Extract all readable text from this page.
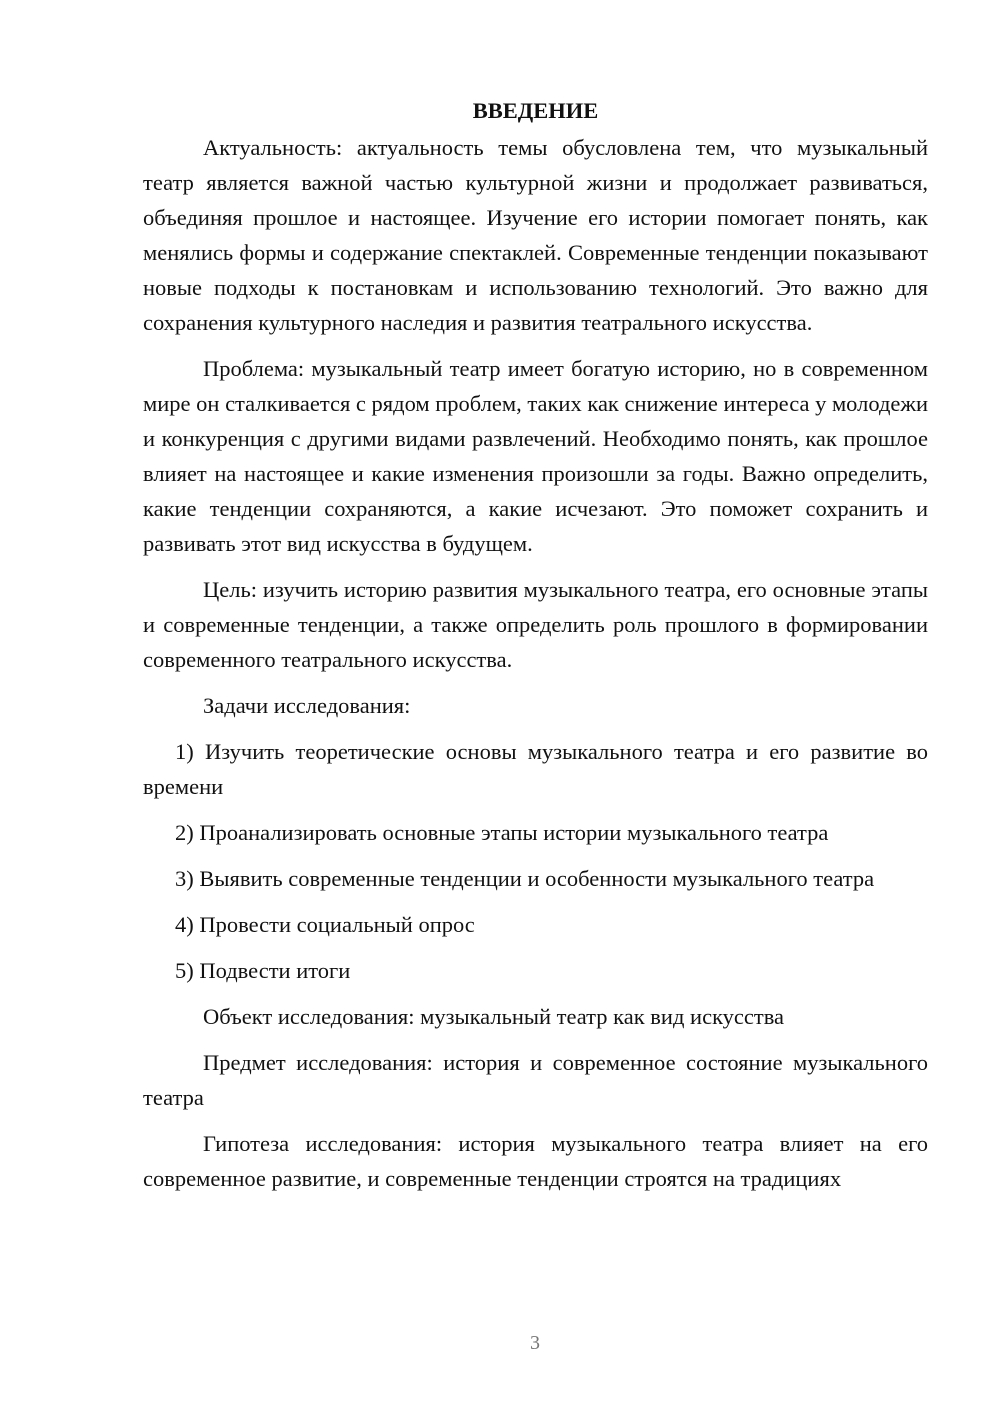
ВВЕДЕНИЕ

Актуальность: актуальность темы обусловлена тем, что музыкальный театр является важной частью культурной жизни и продолжает развиваться, объединяя прошлое и настоящее. Изучение его истории помогает понять, как менялись формы и содержание спектаклей. Современные тенденции показывают новые подходы к постановкам и использованию технологий. Это важно для сохранения культурного наследия и развития театрального искусства.

Проблема: музыкальный театр имеет богатую историю, но в современном мире он сталкивается с рядом проблем, таких как снижение интереса у молодежи и конкуренция с другими видами развлечений. Необходимо понять, как прошлое влияет на настоящее и какие изменения произошли за годы. Важно определить, какие тенденции сохраняются, а какие исчезают. Это поможет сохранить и развивать этот вид искусства в будущем.

Цель: изучить историю развития музыкального театра, его основные этапы и современные тенденции, а также определить роль прошлого в формировании современного театрального искусства.

Задачи исследования:

1) Изучить теоретические основы музыкального театра и его развитие во времени

2) Проанализировать основные этапы истории музыкального театра

3) Выявить современные тенденции и особенности музыкального театра

4) Провести социальный опрос

5) Подвести итоги

Объект исследования: музыкальный театр как вид искусства

Предмет исследования: история и современное состояние музыкального театра

Гипотеза исследования: история музыкального театра влияет на его современное развитие, и современные тенденции строятся на традициях

3
